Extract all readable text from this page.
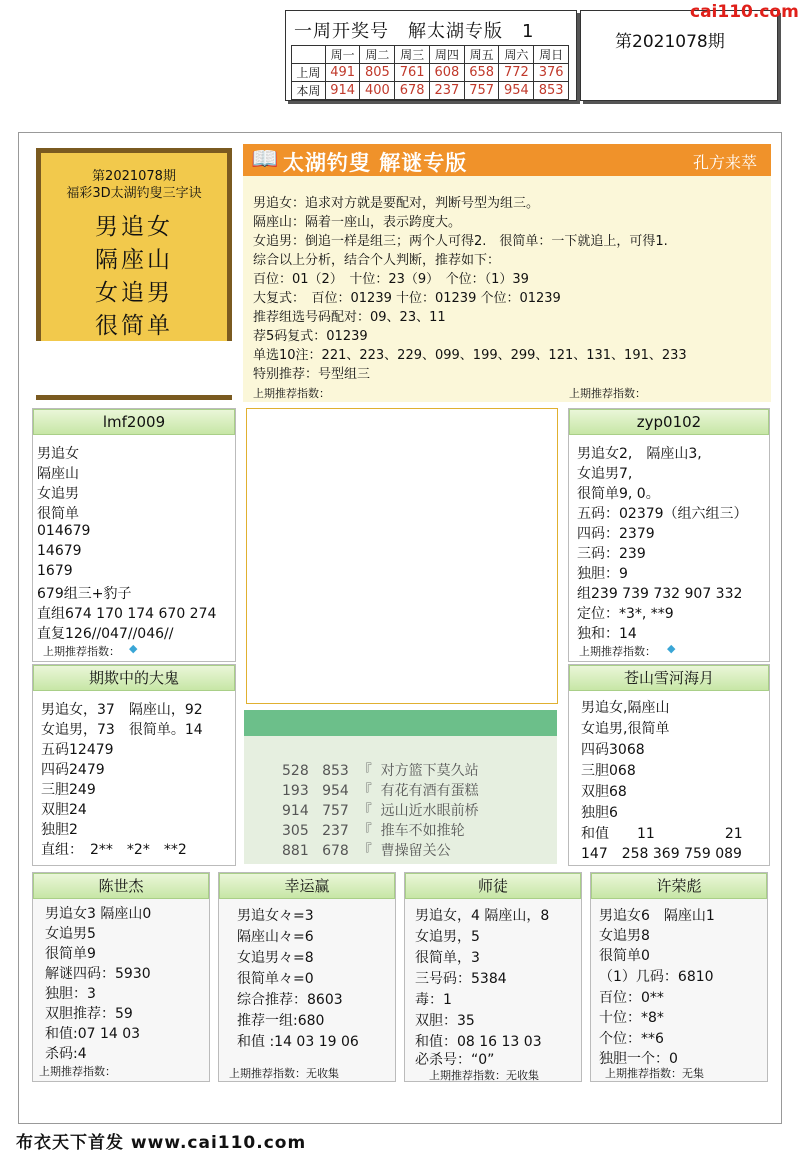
一周开奖号　解太湖专版　1
	周一	周二	周三	周四	周五	周六	周日
上周	491	805	761	608	658	772	376
本周	914	400	678	237	757	954	853
第2021078期
cai110.com
第2021078期
福彩3D太湖钓叟三字诀
男追女
隔座山
女追男
很简单
📖 太湖钓叟 解谜专版	孔方来萃
男追女：追求对方就是要配对，判断号型为组三。
隔座山：隔着一座山，表示跨度大。
女追男：倒追一样是组三；两个人可得2.　很简单：一下就追上，可得1.
综合以上分析，结合个人判断，推荐如下：
百位：01（2）　十位：23（9）　个位：（1）39
大复式：　百位：01239 十位：01239 个位：01239
推荐组选号码配对：09、23、11
荐5码复式：01239
单选10注：221、223、229、099、199、299、121、131、191、233
特别推荐：号型组三
上期推荐指数：	上期推荐指数：
lmf2009
男追女
隔座山
女追男
很简单
014679
14679
1679
679组三+豹子
直组674 170 174 670 274
直复126//047//046//
上期推荐指数： ◆
528 853  『  对方篮下莫久站
193 954  『  有花有酒有蛋糕
914 757  『  远山近水眼前桥
305 237  『  推车不如推轮
881 678  『  曹操留关公
zyp0102
男追女2,　隔座山3,
女追男7,
很简单9, 0。
五码：02379（组六组三）
四码：2379
三码：239
独胆：9
组239 739 732 907 332
定位：*3*, **9
独和：14
上期推荐指数： ◆
期欺中的大鬼
男追女，37　隔座山，92
女追男，73　很简单。14
五码12479
四码2479
三胆249
双胆24
独胆2
直组：　2**　*2*　**2
苍山雪河海月
男追女,隔座山
女追男,很简单
四码3068
三胆068
双胆68
独胆6
和值　　11　　　　　21
147　258 369 759 089
陈世杰
男追女3 隔座山0
女追男5
很简单9
解谜四码：5930
独胆：3
双胆推荐：59
和值:07 14 03
杀码:4
上期推荐指数：
幸运赢
男追女々=3
隔座山々=6
女追男々=8
很简单々=0
综合推荐：8603
推荐一组:680
和值 :14 03 19 06
上期推荐指数：无收集
师徒
男追女，4 隔座山，8
女追男，5
很简单，3
三号码：5384
毒：1
双胆：35
和值：08 16 13 03
必杀号：“0”
上期推荐指数：无收集
许荣彪
男追女6　隔座山1
女追男8
很简单0
（1）几码：6810
百位：0**
十位：*8*
个位：**6
独胆一个：0
上期推荐指数：无集
布衣天下首发 www.cai110.com
